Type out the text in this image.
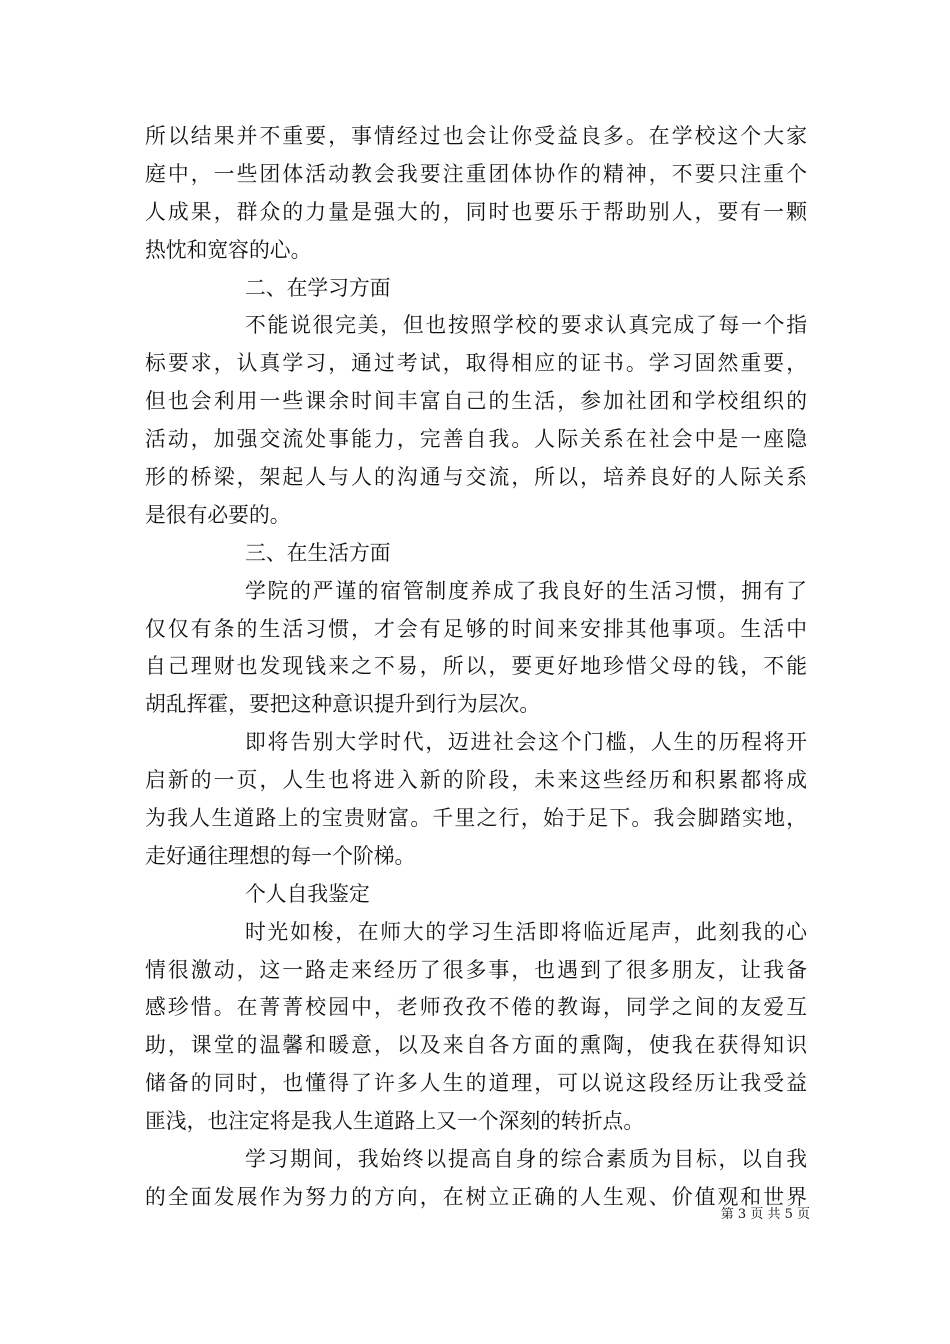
所以结果并不重要，事情经过也会让你受益良多。在学校这个大家
庭中，一些团体活动教会我要注重团体协作的精神，不要只注重个
人成果，群众的力量是强大的，同时也要乐于帮助别人，要有一颗
热忱和宽容的心。
二、在学习方面
不能说很完美，但也按照学校的要求认真完成了每一个指
标要求，认真学习，通过考试，取得相应的证书。学习固然重要，
但也会利用一些课余时间丰富自己的生活，参加社团和学校组织的
活动，加强交流处事能力，完善自我。人际关系在社会中是一座隐
形的桥梁，架起人与人的沟通与交流，所以，培养良好的人际关系
是很有必要的。
三、在生活方面
学院的严谨的宿管制度养成了我良好的生活习惯，拥有了
仅仅有条的生活习惯，才会有足够的时间来安排其他事项。生活中
自己理财也发现钱来之不易，所以，要更好地珍惜父母的钱，不能
胡乱挥霍，要把这种意识提升到行为层次。
即将告别大学时代，迈进社会这个门槛，人生的历程将开
启新的一页，人生也将进入新的阶段，未来这些经历和积累都将成
为我人生道路上的宝贵财富。千里之行，始于足下。我会脚踏实地，
走好通往理想的每一个阶梯。
个人自我鉴定
时光如梭，在师大的学习生活即将临近尾声，此刻我的心
情很激动，这一路走来经历了很多事，也遇到了很多朋友，让我备
感珍惜。在菁菁校园中，老师孜孜不倦的教诲，同学之间的友爱互
助，课堂的温馨和暖意，以及来自各方面的熏陶，使我在获得知识
储备的同时，也懂得了许多人生的道理，可以说这段经历让我受益
匪浅，也注定将是我人生道路上又一个深刻的转折点。
学习期间，我始终以提高自身的综合素质为目标，以自我
的全面发展作为努力的方向，在树立正确的人生观、价值观和世界
第 3 页 共 5 页
